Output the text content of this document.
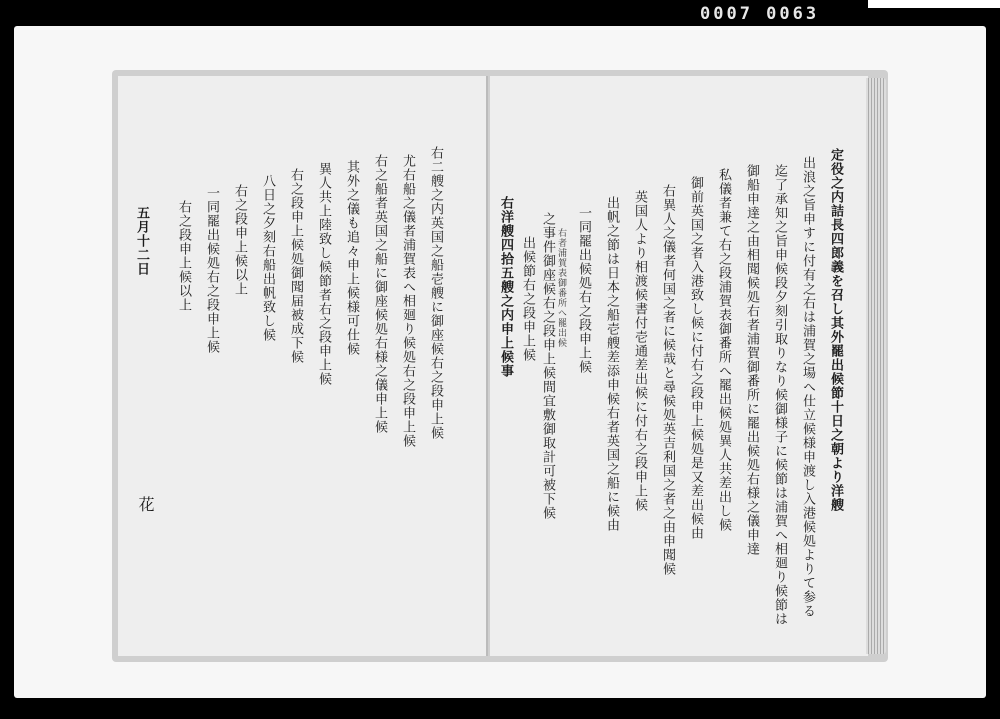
0007 0063
右二艘之内英国之船壱艘に御座候右之段申上候
尤右船之儀者浦賀表へ相廻り候処右之段申上候
右之船者英国之船に御座候処右様之儀申上候
其外之儀も追々申上候様可仕候
異人共上陸致し候節者右之段申上候
右之段申上候処御聞届被成下候
八日之夕刻右船出帆致し候
右之段申上候以上
一同罷出候処右之段申上候
右之段申上候以上
五月十二日
花	定役之内詰長四郎義を召し其外罷出候節十日之朝より洋艘
出浪之旨申すに付有之右は浦賀之場へ仕立候様申渡し入港候処よりて参る
迄了承知之旨申候段夕刻引取りなり候御様子に候節は浦賀へ相廻り候節は
御船申達之由相聞候処右者浦賀御番所に罷出候処右様之儀申達
私儀者兼て右之段浦賀表御番所へ罷出候処異人共差出し候
御前英国之者入港致し候に付右之段申上候処是又差出候由
右異人之儀者何国之者に候哉と尋候処英吉利国之者之由申聞候
英国人より相渡候書付壱通差出候に付右之段申上候
出帆之節は日本之船壱艘差添申候右者英国之船に候由
一同罷出候処右之段申上候
右者浦賀表御番所へ罷出候
之事件御座候右之段申上候間宜敷御取計可被下候
出候節右之段申上候
右洋艘四拾五艘之内申上候事
